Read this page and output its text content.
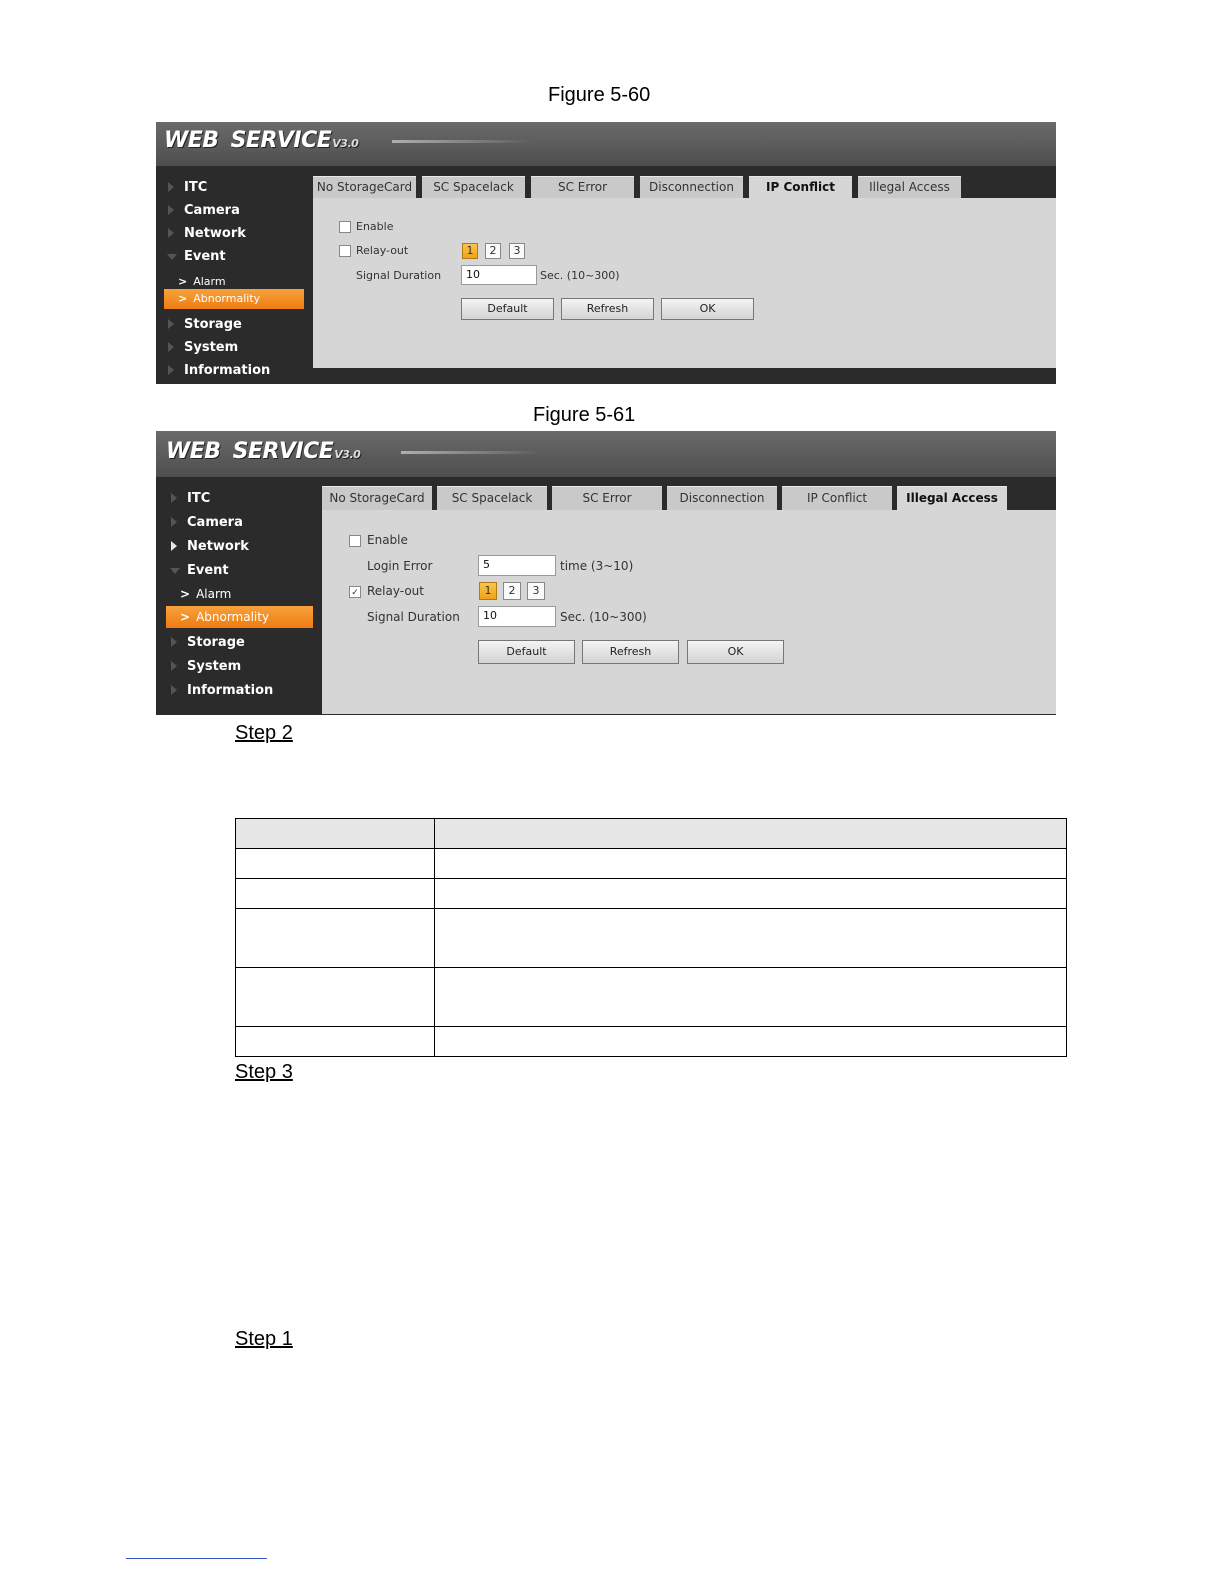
Figure 5-60
WEB SERVICEV3.0
ITC
Camera
Network
Event
> Alarm
> Abnormality
Storage
System
Information
No StorageCard	SC Spacelack	SC Error	Disconnection	IP Conflict	Illegal Access
Enable
Relay-out	1	2	3
Signal Duration	10	Sec. (10~300)
Default	Refresh	OK
Figure 5-61
WEB SERVICEV3.0
ITC
Camera
Network
Event
> Alarm
> Abnormality
Storage
System
Information
No StorageCard	SC Spacelack	SC Error	Disconnection	IP Conflict	Illegal Access
Enable
Login Error	5	time (3~10)
✓ Relay-out	1	2	3
Signal Duration	10	Sec. (10~300)
Default	Refresh	OK
Step 2

Step 3
Step 1
